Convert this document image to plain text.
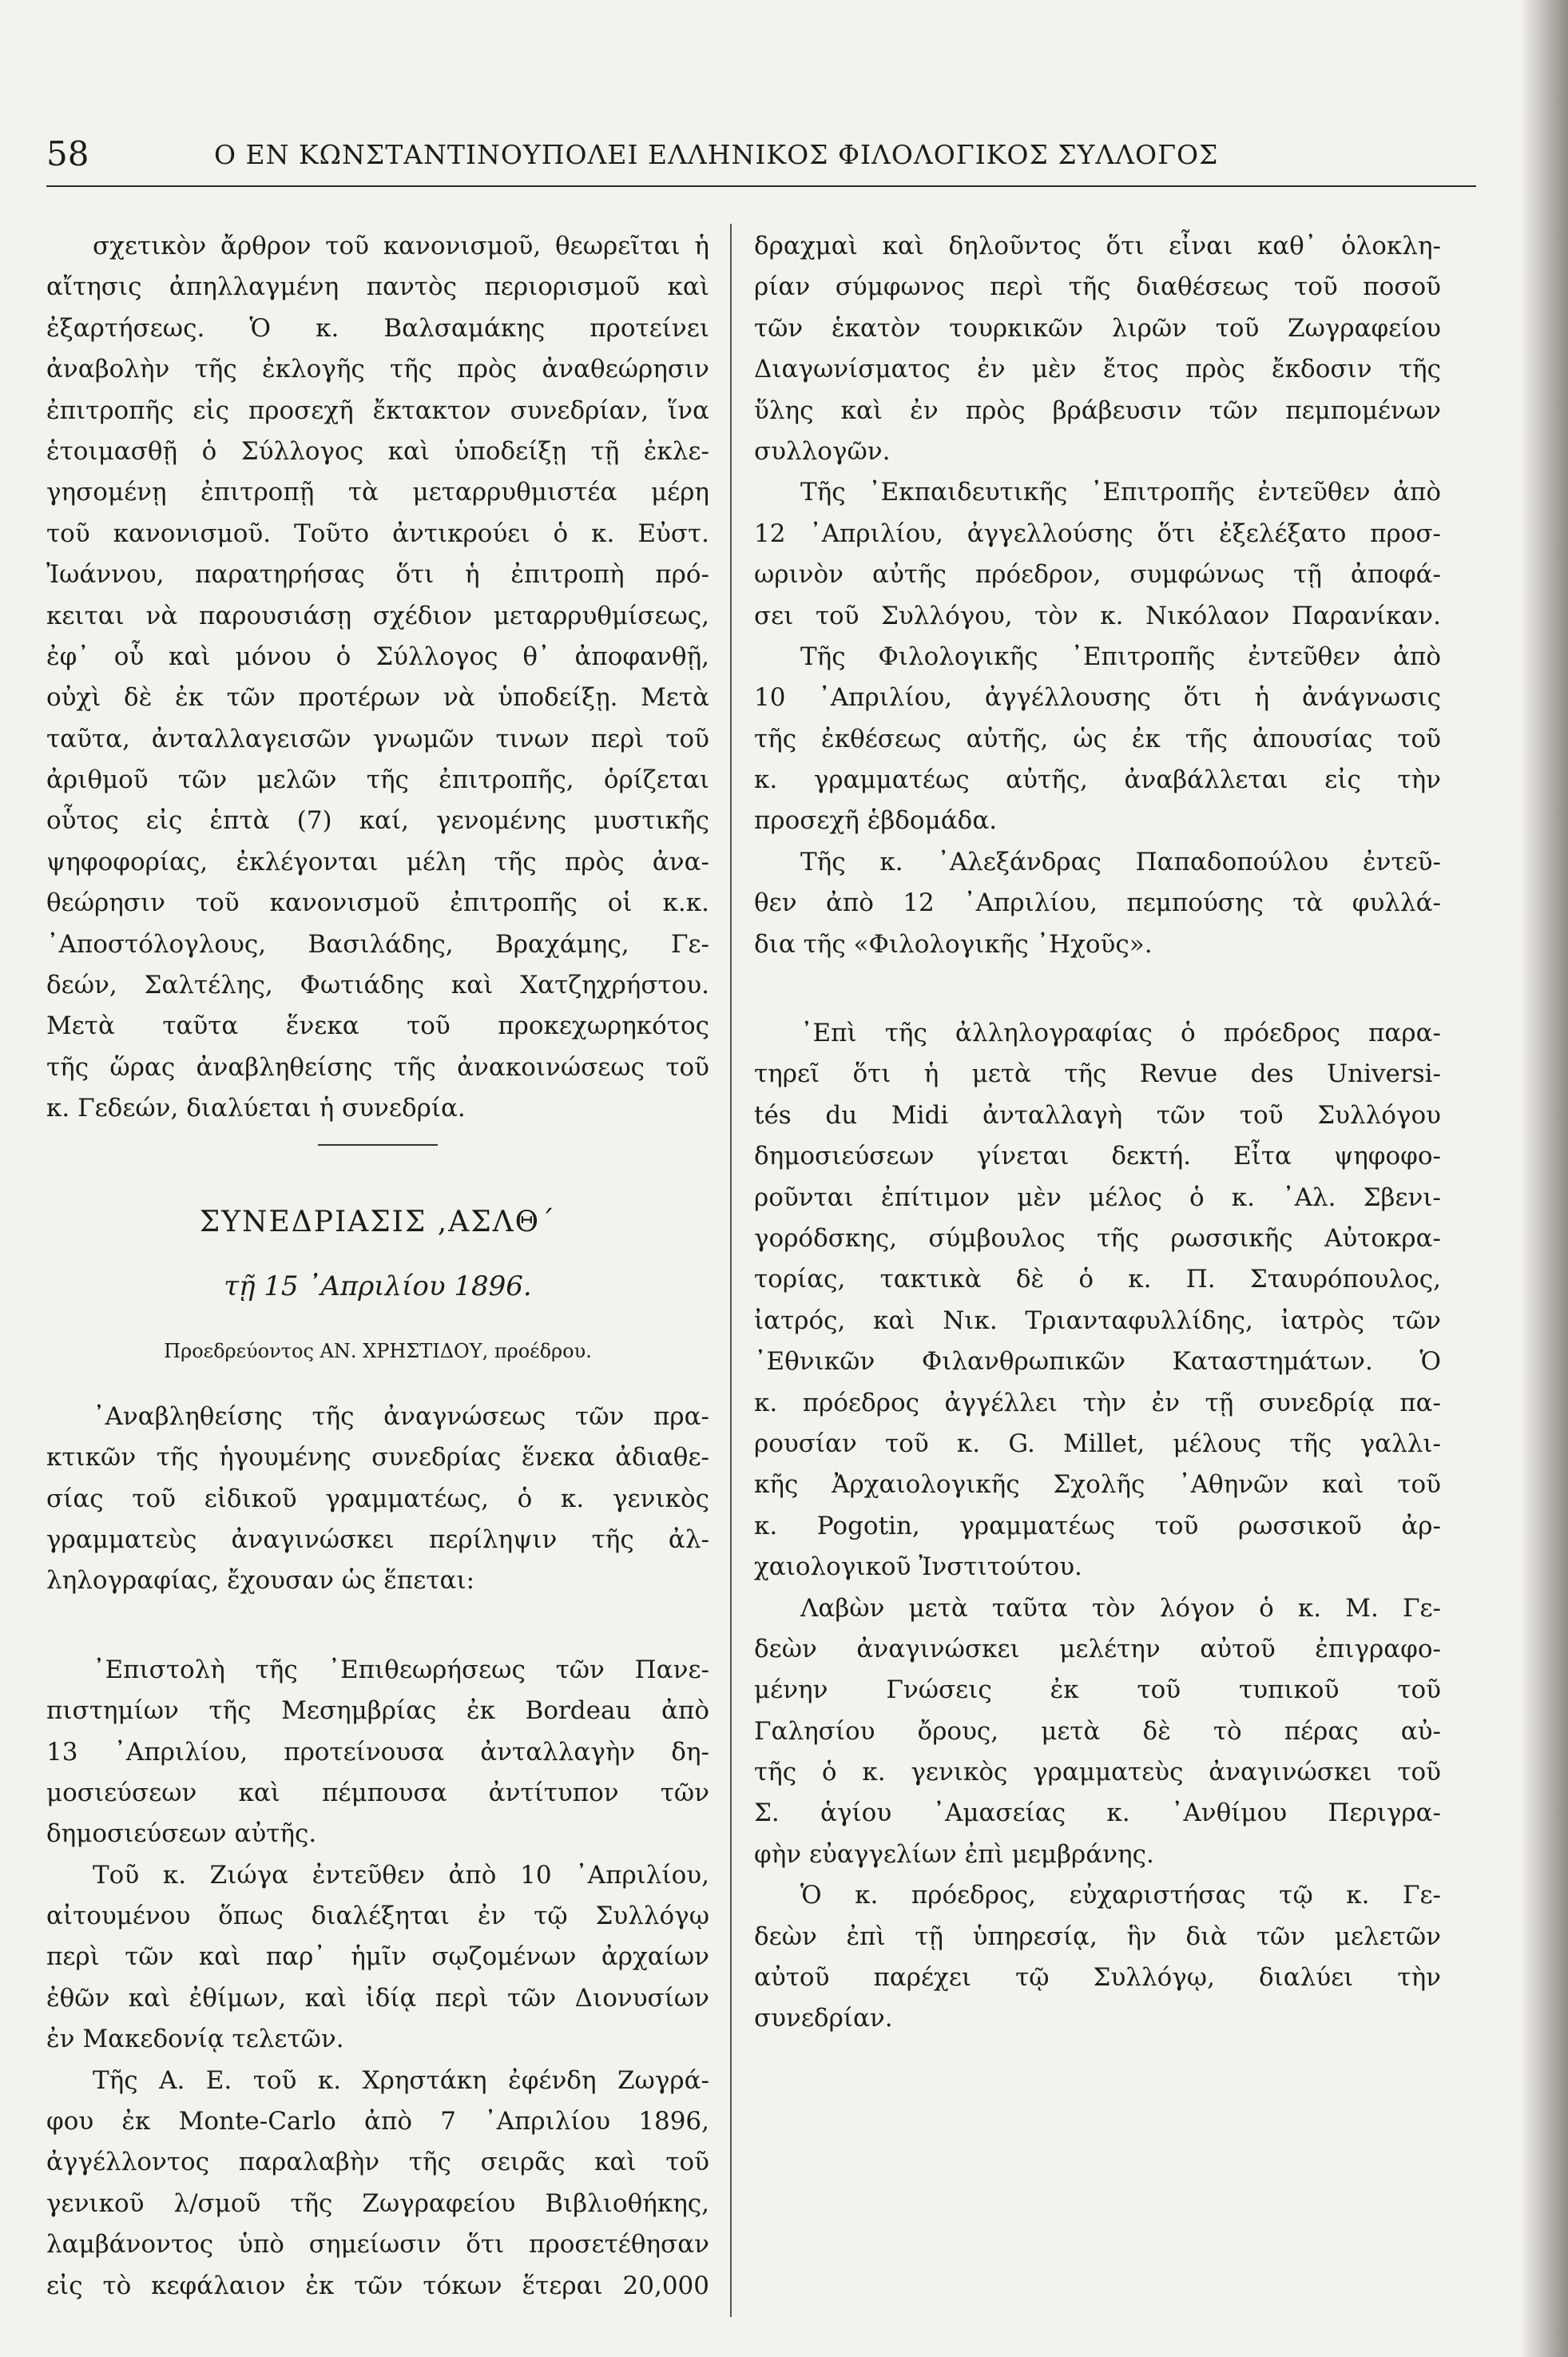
58	Ο ΕΝ ΚΩΝΣΤΑΝΤΙΝΟΥΠΟΛΕΙ ΕΛΛΗΝΙΚΟΣ ΦΙΛΟΛΟΓΙΚΟΣ ΣΥΛΛΟΓΟΣ
σχετικὸν ἄρθρον τοῦ κανονισμοῦ, θεωρεῖται ἡ
αἴτησις ἀπηλλαγμένη παντὸς περιορισμοῦ καὶ
ἐξαρτήσεως. Ὁ κ. Βαλσαμάκης προτείνει
ἀναβολὴν τῆς ἐκλογῆς τῆς πρὸς ἀναθεώρησιν
ἐπιτροπῆς εἰς προσεχῆ ἔκτακτον συνεδρίαν, ἵνα
ἑτοιμασθῇ ὁ Σύλλογος καὶ ὑποδείξῃ τῇ ἐκλε-
γησομένῃ ἐπιτροπῇ τὰ μεταρρυθμιστέα μέρη
τοῦ κανονισμοῦ. Τοῦτο ἀντικρούει ὁ κ. Εὐστ.
Ἰωάννου, παρατηρήσας ὅτι ἡ ἐπιτροπὴ πρό-
κειται νὰ παρουσιάσῃ σχέδιον μεταρρυθμίσεως,
ἐφ᾽ οὗ καὶ μόνου ὁ Σύλλογος θ᾽ ἀποφανθῇ,
οὐχὶ δὲ ἐκ τῶν προτέρων νὰ ὑποδείξῃ. Μετὰ
ταῦτα, ἀνταλλαγεισῶν γνωμῶν τινων περὶ τοῦ
ἀριθμοῦ τῶν μελῶν τῆς ἐπιτροπῆς, ὁρίζεται
οὗτος εἰς ἑπτὰ (7) καί, γενομένης μυστικῆς
ψηφοφορίας, ἐκλέγονται μέλη τῆς πρὸς ἀνα-
θεώρησιν τοῦ κανονισμοῦ ἐπιτροπῆς οἱ κ.κ.
᾽Αποστόλογλους, Βασιλάδης, Βραχάμης, Γε-
δεών, Σαλτέλης, Φωτιάδης καὶ Χατζηχρήστου.
Μετὰ ταῦτα ἕνεκα τοῦ προκεχωρηκότος
τῆς ὥρας ἀναβληθείσης τῆς ἀνακοινώσεως τοῦ
κ. Γεδεών, διαλύεται ἡ συνεδρία.
ΣΥΝΕΔΡΙΑΣΙΣ ,ΑΣΛΘ΄
τῇ 15 ᾽Απριλίου 1896.
Προεδρεύοντος ΑΝ. ΧΡΗΣΤΙΔΟΥ, προέδρου.
᾽Αναβληθείσης τῆς ἀναγνώσεως τῶν πρα-
κτικῶν τῆς ἡγουμένης συνεδρίας ἕνεκα ἀδιαθε-
σίας τοῦ εἰδικοῦ γραμματέως, ὁ κ. γενικὸς
γραμματεὺς ἀναγινώσκει περίληψιν τῆς ἀλ-
ληλογραφίας, ἔχουσαν ὡς ἕπεται:
᾽Επιστολὴ τῆς ᾽Επιθεωρήσεως τῶν Πανε-
πιστημίων τῆς Μεσημβρίας ἐκ Bordeau ἀπὸ
13 ᾽Απριλίου, προτείνουσα ἀνταλλαγὴν δη-
μοσιεύσεων καὶ πέμπουσα ἀντίτυπον τῶν
δημοσιεύσεων αὐτῆς.
Τοῦ κ. Ζιώγα ἐντεῦθεν ἀπὸ 10 ᾽Απριλίου,
αἰτουμένου ὅπως διαλέξηται ἐν τῷ Συλλόγῳ
περὶ τῶν καὶ παρ᾽ ἡμῖν σῳζομένων ἀρχαίων
ἐθῶν καὶ ἐθίμων, καὶ ἰδίᾳ περὶ τῶν Διονυσίων
ἐν Μακεδονίᾳ τελετῶν.
Τῆς Α. Ε. τοῦ κ. Χρηστάκη ἐφένδη Ζωγρά-
φου ἐκ Monte-Carlo ἀπὸ 7 ᾽Απριλίου 1896,
ἀγγέλλοντος παραλαβὴν τῆς σειρᾶς καὶ τοῦ
γενικοῦ λ/σμοῦ τῆς Ζωγραφείου Βιβλιοθήκης,
λαμβάνοντος ὑπὸ σημείωσιν ὅτι προσετέθησαν
εἰς τὸ κεφάλαιον ἐκ τῶν τόκων ἕτεραι 20,000
δραχμαὶ καὶ δηλοῦντος ὅτι εἶναι καθ᾽ ὁλοκλη-
ρίαν σύμφωνος περὶ τῆς διαθέσεως τοῦ ποσοῦ
τῶν ἑκατὸν τουρκικῶν λιρῶν τοῦ Ζωγραφείου
Διαγωνίσματος ἐν μὲν ἔτος πρὸς ἔκδοσιν τῆς
ὕλης καὶ ἐν πρὸς βράβευσιν τῶν πεμπομένων
συλλογῶν.
Τῆς ᾽Εκπαιδευτικῆς ᾽Επιτροπῆς ἐντεῦθεν ἀπὸ
12 ᾽Απριλίου, ἀγγελλούσης ὅτι ἐξελέξατο προσ-
ωρινὸν αὐτῆς πρόεδρον, συμφώνως τῇ ἀποφά-
σει τοῦ Συλλόγου, τὸν κ. Νικόλαον Παρανίκαν.
Τῆς Φιλολογικῆς ᾽Επιτροπῆς ἐντεῦθεν ἀπὸ
10 ᾽Απριλίου, ἀγγέλλουσης ὅτι ἡ ἀνάγνωσις
τῆς ἐκθέσεως αὐτῆς, ὡς ἐκ τῆς ἀπουσίας τοῦ
κ. γραμματέως αὐτῆς, ἀναβάλλεται εἰς τὴν
προσεχῆ ἑβδομάδα.
Τῆς κ. ᾽Αλεξάνδρας Παπαδοπούλου ἐντεῦ-
θεν ἀπὸ 12 ᾽Απριλίου, πεμπούσης τὰ φυλλά-
δια τῆς «Φιλολογικῆς ᾽Ηχοῦς».
᾽Επὶ τῆς ἀλληλογραφίας ὁ πρόεδρος παρα-
τηρεῖ ὅτι ἡ μετὰ τῆς Revue des Universi-
tés du Midi ἀνταλλαγὴ τῶν τοῦ Συλλόγου
δημοσιεύσεων γίνεται δεκτή. Εἶτα ψηφοφο-
ροῦνται ἐπίτιμον μὲν μέλος ὁ κ. ᾽Αλ. Σβενι-
γορόδσκης, σύμβουλος τῆς ρωσσικῆς Αὐτοκρα-
τορίας, τακτικὰ δὲ ὁ κ. Π. Σταυρόπουλος,
ἰατρός, καὶ Νικ. Τριανταφυλλίδης, ἰατρὸς τῶν
᾽Εθνικῶν Φιλανθρωπικῶν Καταστημάτων. Ὁ
κ. πρόεδρος ἀγγέλλει τὴν ἐν τῇ συνεδρίᾳ πα-
ρουσίαν τοῦ κ. G. Millet, μέλους τῆς γαλλι-
κῆς Ἀρχαιολογικῆς Σχολῆς ᾽Αθηνῶν καὶ τοῦ
κ. Pogotin, γραμματέως τοῦ ρωσσικοῦ ἀρ-
χαιολογικοῦ Ἰνστιτούτου.
Λαβὼν μετὰ ταῦτα τὸν λόγον ὁ κ. Μ. Γε-
δεὼν ἀναγινώσκει μελέτην αὐτοῦ ἐπιγραφο-
μένην Γνώσεις ἐκ τοῦ τυπικοῦ τοῦ
Γαλησίου ὄρους, μετὰ δὲ τὸ πέρας αὐ-
τῆς ὁ κ. γενικὸς γραμματεὺς ἀναγινώσκει τοῦ
Σ. ἁγίου ᾽Αμασείας κ. ᾽Ανθίμου Περιγρα-
φὴν εὐαγγελίων ἐπὶ μεμβράνης.
Ὁ κ. πρόεδρος, εὐχαριστήσας τῷ κ. Γε-
δεὼν ἐπὶ τῇ ὑπηρεσίᾳ, ἣν διὰ τῶν μελετῶν
αὐτοῦ παρέχει τῷ Συλλόγῳ, διαλύει τὴν
συνεδρίαν.
